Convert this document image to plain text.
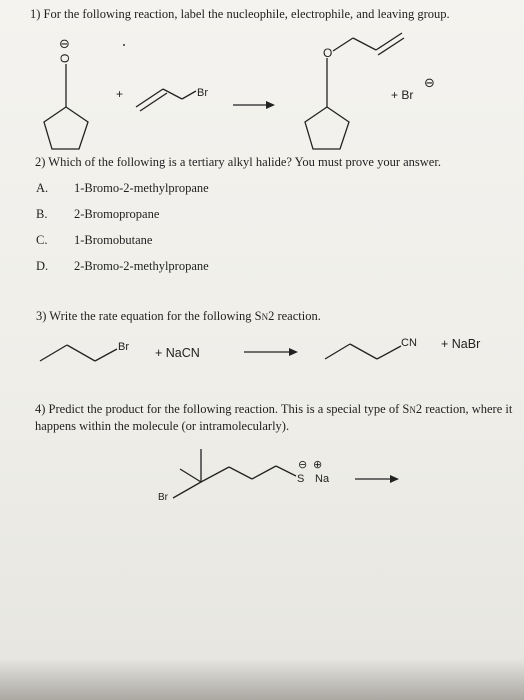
1) For the following reaction, label the nucleophile, electrophile, and leaving group.
O
⊖
+	Br
O
+ Br
⊖
2) Which of the following is a tertiary alkyl halide? You must prove your answer.
A. 1-Bromo-2-methylpropane
B. 2-Bromopropane
C. 1-Bromobutane
D. 2-Bromo-2-methylpropane
3) Write the rate equation for the following SN2 reaction.
Br + NaCN
CN + NaBr
4) Predict the product for the following reaction. This is a special type of SN2 reaction, where it
happens within the molecule (or intramolecularly).
Br
⊖ ⊕
S Na
